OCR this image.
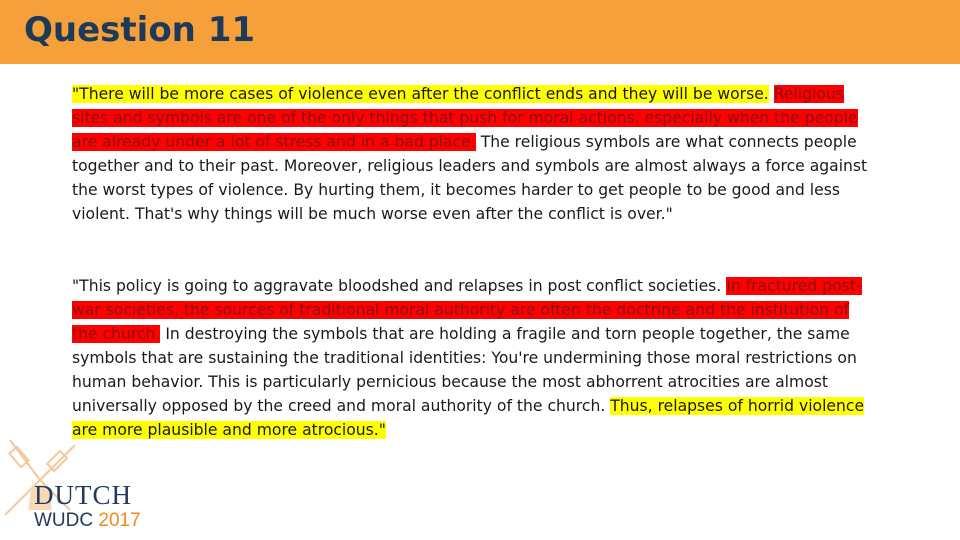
Question 11
"There will be more cases of violence even after the conflict ends and they will be worse. Religious sites and symbols are one of the only things that push for moral actions, especially when the people are already under a lot of stress and in a bad place. The religious symbols are what connects people together and to their past. Moreover, religious leaders and symbols are almost always a force against the worst types of violence. By hurting them, it becomes harder to get people to be good and less violent. That's why things will be much worse even after the conflict is over."
"This policy is going to aggravate bloodshed and relapses in post conflict societies. In fractured post-war societies, the sources of traditional moral authority are often the doctrine and the institution of the church. In destroying the symbols that are holding a fragile and torn people together, the same symbols that are sustaining the traditional identities: You're undermining those moral restrictions on human behavior. This is particularly pernicious because the most abhorrent atrocities are almost universally opposed by the creed and moral authority of the church. Thus, relapses of horrid violence are more plausible and more atrocious."
DUTCH
WUDC 2017
